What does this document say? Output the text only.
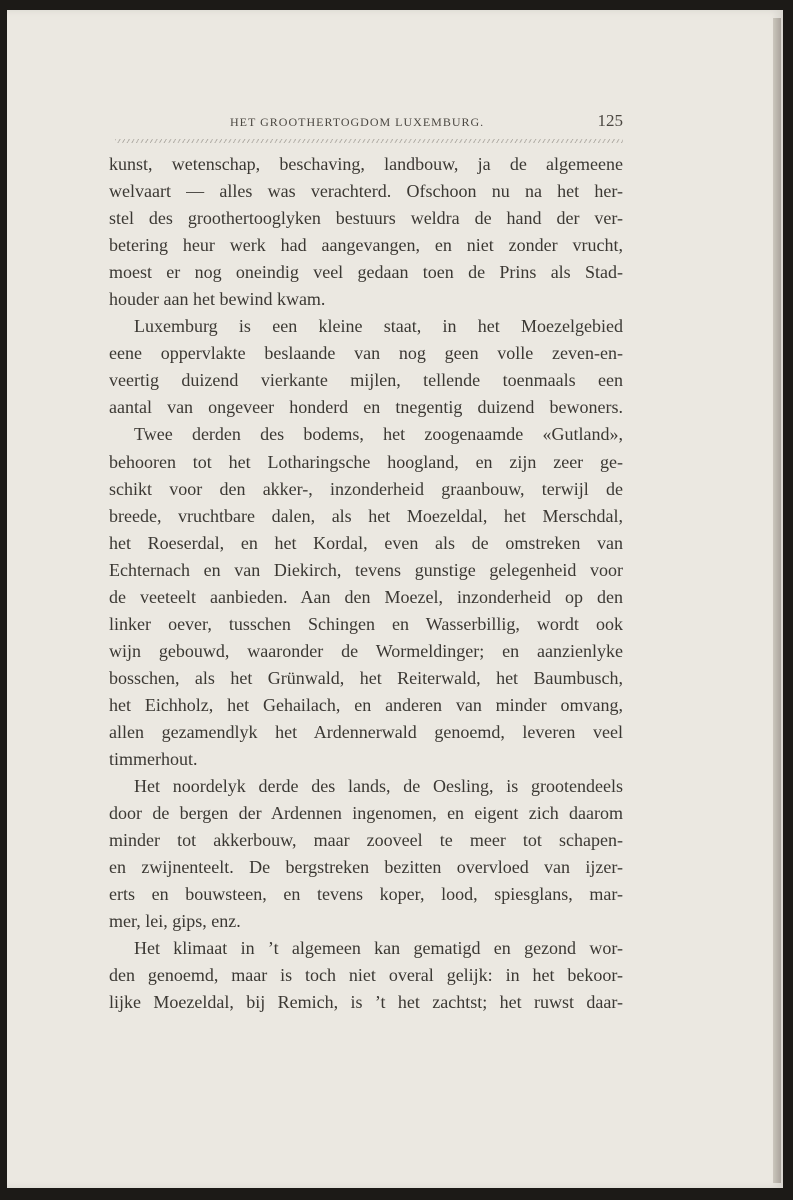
HET GROOTHERTOGDOM LUXEMBURG.	125
kunst, wetenschap, beschaving, landbouw, ja de algemeene
welvaart — alles was verachterd. Ofschoon nu na het her-
stel des groothertooglyken bestuurs weldra de hand der ver-
betering heur werk had aangevangen, en niet zonder vrucht,
moest er nog oneindig veel gedaan toen de Prins als Stad-
houder aan het bewind kwam.
Luxemburg is een kleine staat, in het Moezelgebied
eene oppervlakte beslaande van nog geen volle zeven-en-
veertig duizend vierkante mijlen, tellende toenmaals een
aantal van ongeveer honderd en tnegentig duizend bewoners.
Twee derden des bodems, het zoogenaamde «Gutland»,
behooren tot het Lotharingsche hoogland, en zijn zeer ge-
schikt voor den akker-, inzonderheid graanbouw, terwijl de
breede, vruchtbare dalen, als het Moezeldal, het Merschdal,
het Roeserdal, en het Kordal, even als de omstreken van
Echternach en van Diekirch, tevens gunstige gelegenheid voor
de veeteelt aanbieden. Aan den Moezel, inzonderheid op den
linker oever, tusschen Schingen en Wasserbillig, wordt ook
wijn gebouwd, waaronder de Wormeldinger; en aanzienlyke
bosschen, als het Grünwald, het Reiterwald, het Baumbusch,
het Eichholz, het Gehailach, en anderen van minder omvang,
allen gezamendlyk het Ardennerwald genoemd, leveren veel
timmerhout.
Het noordelyk derde des lands, de Oesling, is grootendeels
door de bergen der Ardennen ingenomen, en eigent zich daarom
minder tot akkerbouw, maar zooveel te meer tot schapen-
en zwijnenteelt. De bergstreken bezitten overvloed van ijzer-
erts en bouwsteen, en tevens koper, lood, spiesglans, mar-
mer, lei, gips, enz.
Het klimaat in ’t algemeen kan gematigd en gezond wor-
den genoemd, maar is toch niet overal gelijk: in het bekoor-
lijke Moezeldal, bij Remich, is ’t het zachtst; het ruwst daar-
